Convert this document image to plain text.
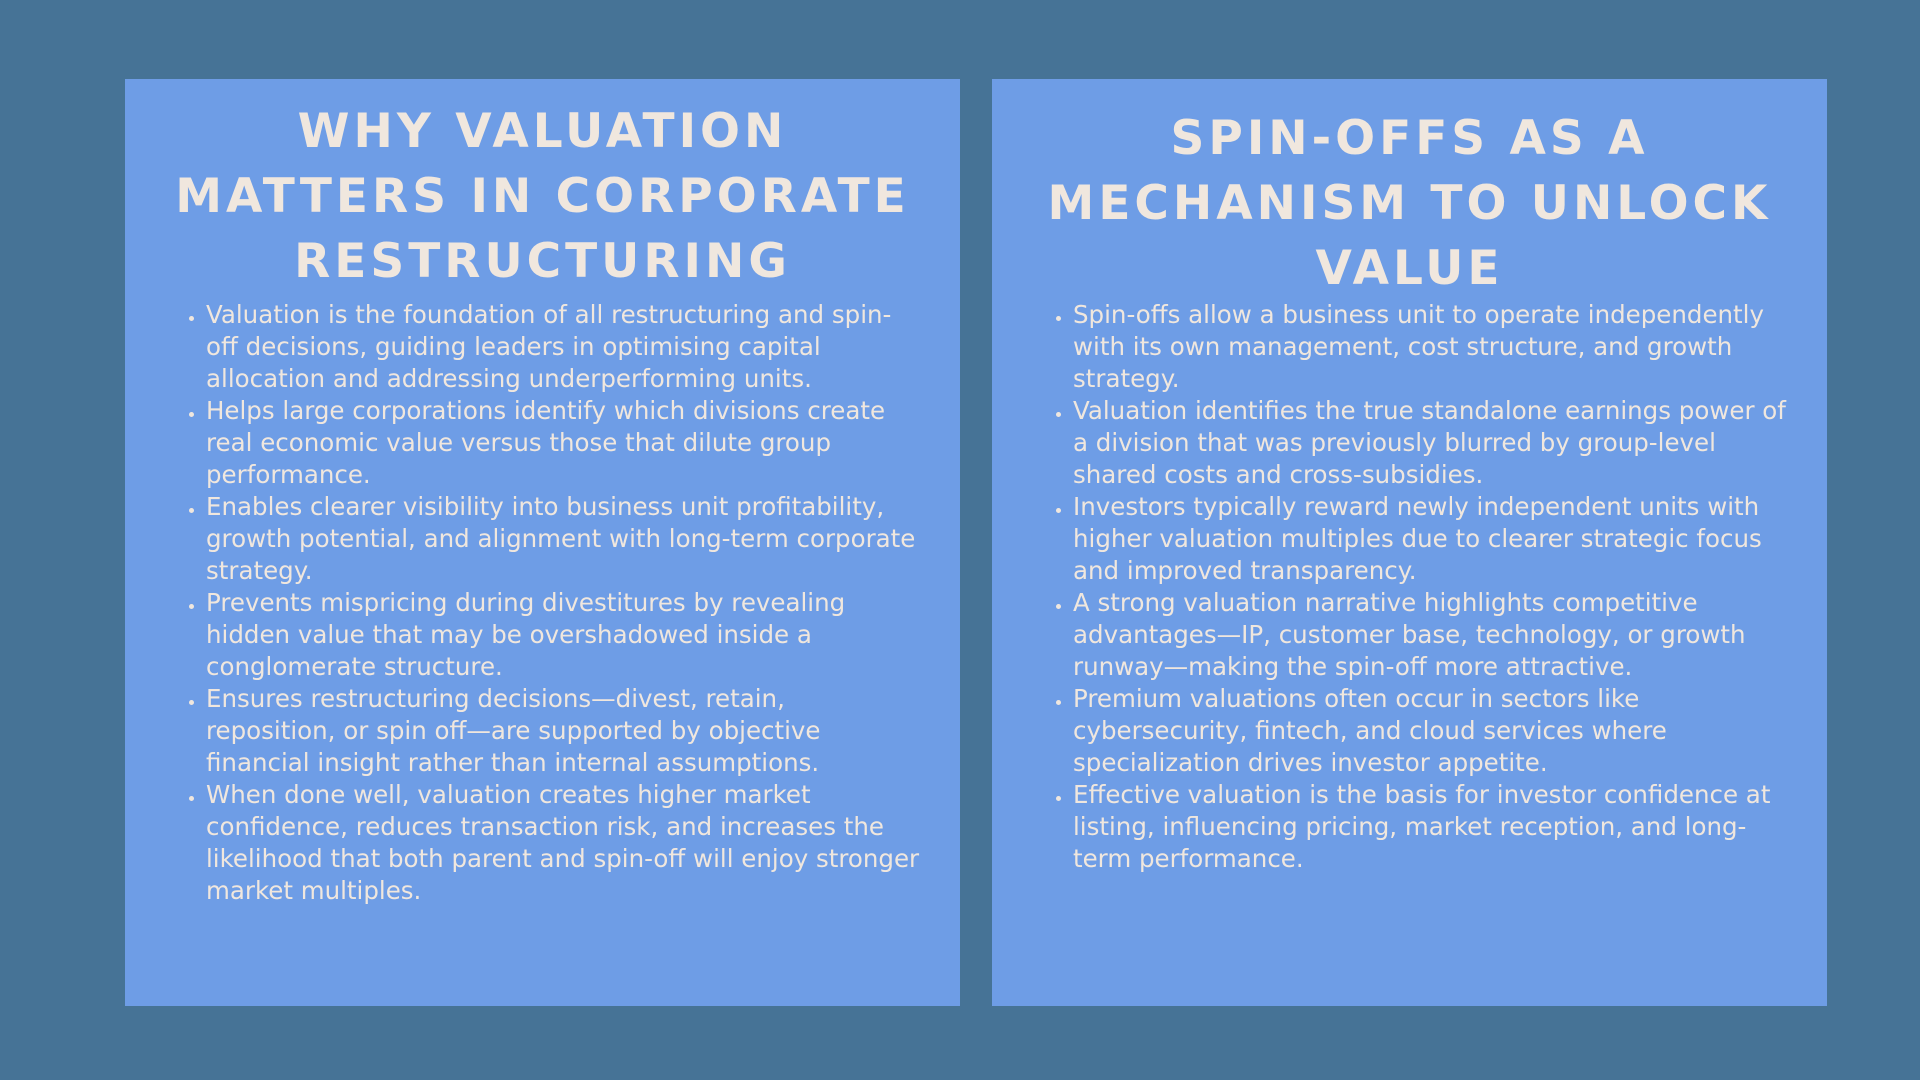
WHY VALUATION MATTERS IN CORPORATE RESTRUCTURING
• Valuation is the foundation of all restructuring and spin-off decisions, guiding leaders in optimising capital allocation and addressing underperforming units.
• Helps large corporations identify which divisions create real economic value versus those that dilute group performance.
• Enables clearer visibility into business unit profitability, growth potential, and alignment with long-term corporate strategy.
• Prevents mispricing during divestitures by revealing hidden value that may be overshadowed inside a conglomerate structure.
• Ensures restructuring decisions—divest, retain, reposition, or spin off—are supported by objective financial insight rather than internal assumptions.
• When done well, valuation creates higher market confidence, reduces transaction risk, and increases the likelihood that both parent and spin-off will enjoy stronger market multiples.
SPIN-OFFS AS A MECHANISM TO UNLOCK VALUE
• Spin-offs allow a business unit to operate independently with its own management, cost structure, and growth strategy.
• Valuation identifies the true standalone earnings power of a division that was previously blurred by group-level shared costs and cross-subsidies.
• Investors typically reward newly independent units with higher valuation multiples due to clearer strategic focus and improved transparency.
• A strong valuation narrative highlights competitive advantages—IP, customer base, technology, or growth runway—making the spin-off more attractive.
• Premium valuations often occur in sectors like cybersecurity, fintech, and cloud services where specialization drives investor appetite.
• Effective valuation is the basis for investor confidence at listing, influencing pricing, market reception, and long-term performance.
